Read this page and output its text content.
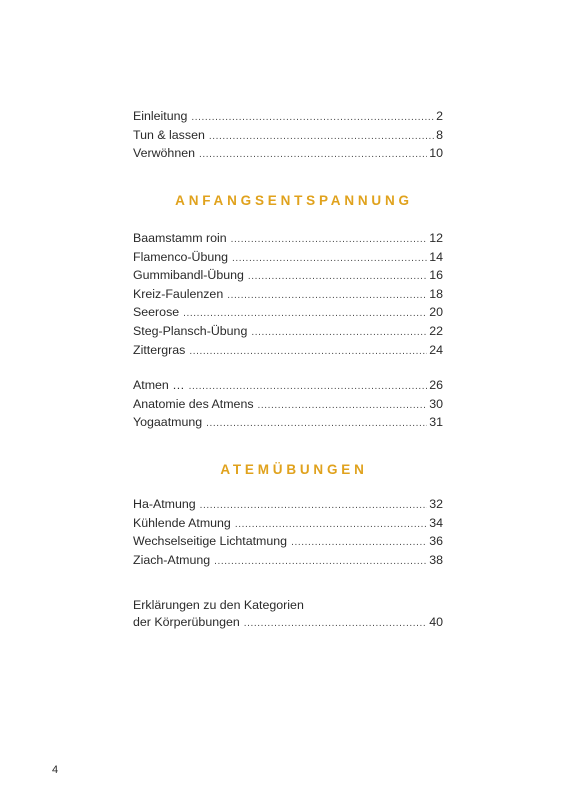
Einleitung .....	2
Tun & lassen .....	8
Verwöhnen .....	10
ANFANGSENTSPANNUNG
Baamstamm roin .....	12
Flamenco-Übung .....	14
Gummibandl-Übung .....	16
Kreiz-Faulenzen .....	18
Seerose .....	20
Steg-Plansch-Übung .....	22
Zittergras .....	24
Atmen … .....	26
Anatomie des Atmens .....	30
Yogaatmung .....	31
ATEMÜBUNGEN
Ha-Atmung .....	32
Kühlende Atmung .....	34
Wechselseitige Lichtatmung .....	36
Ziach-Atmung .....	38
Erklärungen zu den Kategorien
der Körperübungen .....	40
4
